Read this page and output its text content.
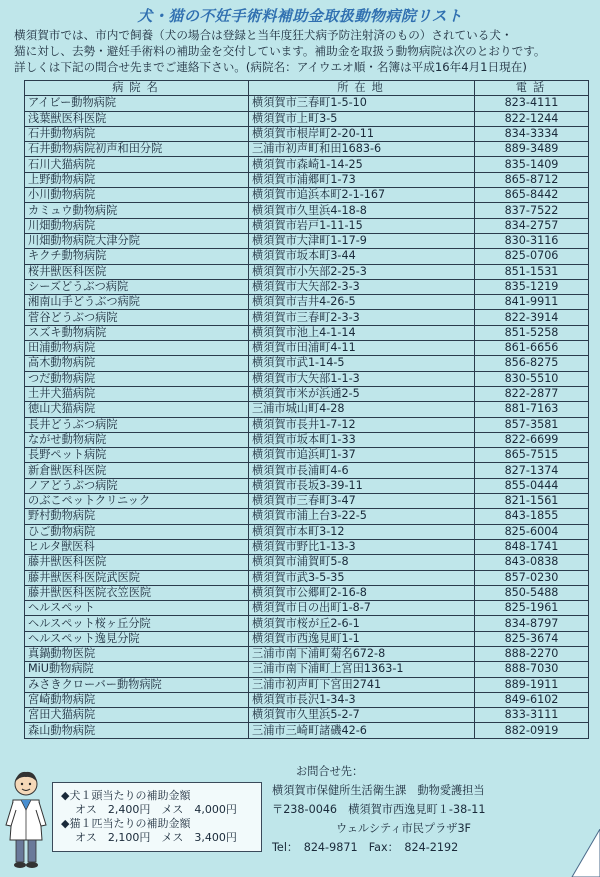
犬・猫の不妊手術料補助金取扱動物病院リスト

横須賀市では、市内で飼養（犬の場合は登録と当年度狂犬病予防注射済のもの）されている犬・

猫に対し、去勢・避妊手術料の補助金を交付しています。補助金を取扱う動物病院は次のとおりです。

詳しくは下記の問合せ先までご連絡下さい。(病院名：アイウエオ順・名簿は平成16年4月1日現在)

病院名	所在地	電話
アイビー動物病院	横須賀市三春町1-5-10	823-4111
浅葉獣医科医院	横須賀市上町3-5	822-1244
石井動物病院	横須賀市根岸町2-20-11	834-3334
石井動物病院初声和田分院	三浦市初声町和田1683-6	889-3489
石川犬猫病院	横須賀市森崎1-14-25	835-1409
上野動物病院	横須賀市浦郷町1-73	865-8712
小川動物病院	横須賀市追浜本町2-1-167	865-8442
カミュウ動物病院	横須賀市久里浜4-18-8	837-7522
川畑動物病院	横須賀市岩戸1-11-15	834-2757
川畑動物病院大津分院	横須賀市大津町1-17-9	830-3116
キクチ動物病院	横須賀市坂本町3-44	825-0706
桜井獣医科医院	横須賀市小矢部2-25-3	851-1531
シーズどうぶつ病院	横須賀市大矢部2-3-3	835-1219
湘南山手どうぶつ病院	横須賀市吉井4-26-5	841-9911
菅谷どうぶつ病院	横須賀市三春町2-3-3	822-3914
スズキ動物病院	横須賀市池上4-1-14	851-5258
田浦動物病院	横須賀市田浦町4-11	861-6656
高木動物病院	横須賀市武1-14-5	856-8275
つだ動物病院	横須賀市大矢部1-1-3	830-5510
土井犬猫病院	横須賀市米が浜通2-5	822-2877
徳山犬猫病院	三浦市城山町4-28	881-7163
長井どうぶつ病院	横須賀市長井1-7-12	857-3581
ながせ動物病院	横須賀市坂本町1-33	822-6699
長野ペット病院	横須賀市追浜町1-37	865-7515
新倉獣医科医院	横須賀市長浦町4-6	827-1374
ノアどうぶつ病院	横須賀市長坂3-39-11	855-0444
のぶこペットクリニック	横須賀市三春町3-47	821-1561
野村動物病院	横須賀市浦上台3-22-5	843-1855
ひご動物病院	横須賀市本町3-12	825-6004
ヒルタ獣医科	横須賀市野比1-13-3	848-1741
藤井獣医科医院	横須賀市浦賀町5-8	843-0838
藤井獣医科医院武医院	横須賀市武3-5-35	857-0230
藤井獣医科医院衣笠医院	横須賀市公郷町2-16-8	850-5488
ヘルスペット	横須賀市日の出町1-8-7	825-1961
ヘルスペット桜ヶ丘分院	横須賀市桜が丘2-6-1	834-8797
ヘルスペット逸見分院	横須賀市西逸見町1-1	825-3674
真鍋動物医院	三浦市南下浦町菊名672-8	888-2270
MiU動物病院	三浦市南下浦町上宮田1363-1	888-7030
みさきクローバー動物病院	三浦市初声町下宮田2741	889-1911
宮崎動物病院	横須賀市長沢1-34-3	849-6102
宮田犬猫病院	横須賀市久里浜5-2-7	833-3111
森山動物病院	三浦市三崎町諸磯42-6	882-0919
◆犬１頭当たりの補助金額
オス　2,400円　メス　4,000円
◆猫１匹当たりの補助金額
オス　2,100円　メス　3,400円
お問合せ先：
横須賀市保健所生活衛生課　動物愛護担当
〒238-0046　横須賀市西逸見町１-38-11
ウェルシティ市民プラザ3F
Tel：　824-9871　Fax：　824-2192
